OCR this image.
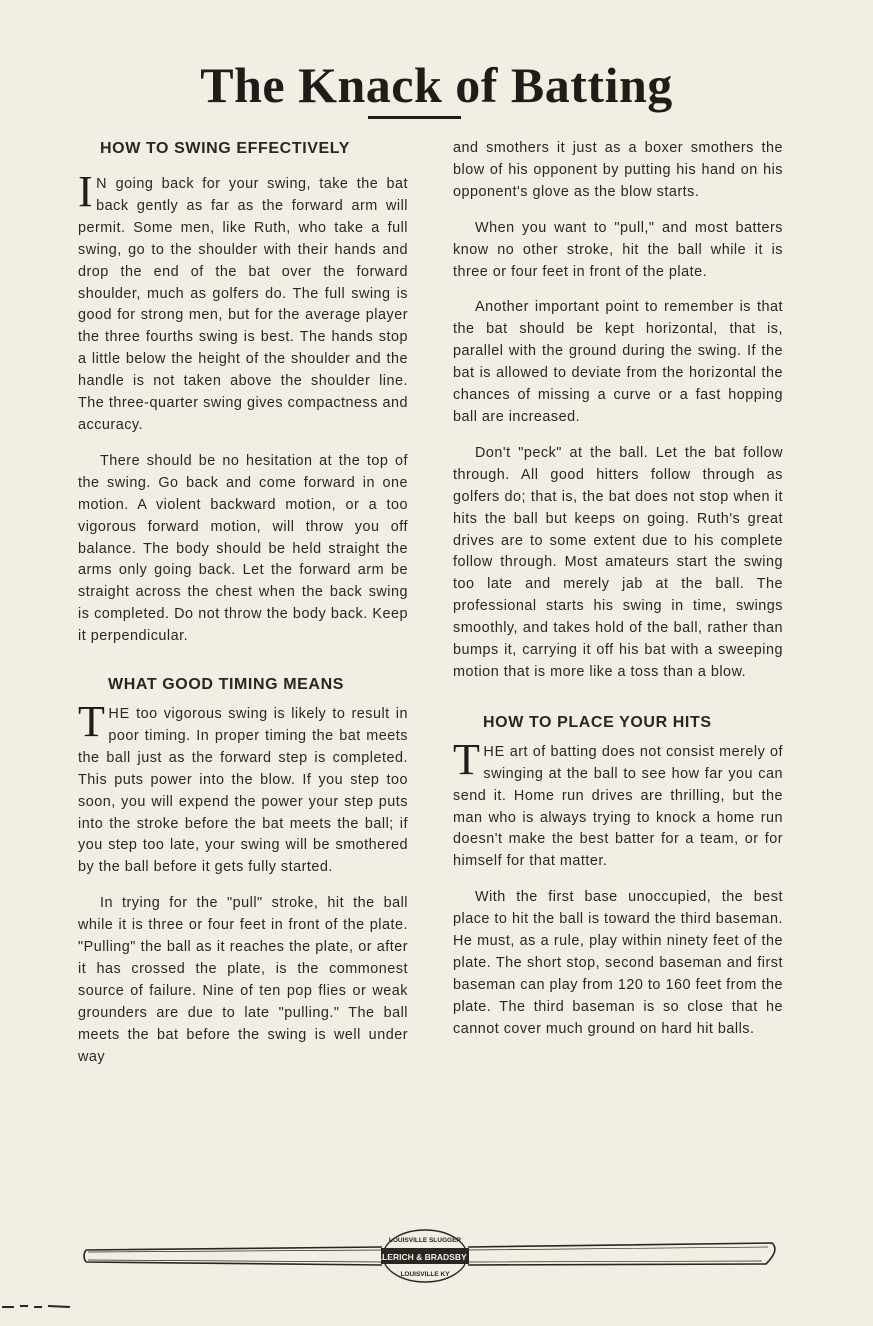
The Knack of Batting
HOW TO SWING EFFECTIVELY

I N going back for your swing, take the bat back gently as far as the forward arm will permit. Some men, like Ruth, who take a full swing, go to the shoulder with their hands and drop the end of the bat over the forward shoulder, much as golfers do. The full swing is good for strong men, but for the average player the three fourths swing is best. The hands stop a little below the height of the shoulder and the handle is not taken above the shoulder line. The three-quarter swing gives compactness and accuracy.

There should be no hesitation at the top of the swing. Go back and come forward in one motion. A violent backward motion, or a too vigorous forward motion, will throw you off balance. The body should be held straight the arms only going back. Let the forward arm be straight across the chest when the back swing is completed. Do not throw the body back. Keep it perpendicular.

WHAT GOOD TIMING MEANS

THE too vigorous swing is likely to result in poor timing. In proper timing the bat meets the ball just as the forward step is completed. This puts power into the blow. If you step too soon, you will expend the power your step puts into the stroke before the bat meets the ball; if you step too late, your swing will be smothered by the ball before it gets fully started.

In trying for the "pull" stroke, hit the ball while it is three or four feet in front of the plate. "Pulling" the ball as it reaches the plate, or after it has crossed the plate, is the commonest source of failure. Nine of ten pop flies or weak grounders are due to late "pulling." The ball meets the bat before the swing is well under way

and smothers it just as a boxer smothers the blow of his opponent by putting his hand on his opponent's glove as the blow starts.

When you want to "pull," and most batters know no other stroke, hit the ball while it is three or four feet in front of the plate.

Another important point to remember is that the bat should be kept horizontal, that is, parallel with the ground during the swing. If the bat is allowed to deviate from the horizontal the chances of missing a curve or a fast hopping ball are increased.

Don't "peck" at the ball. Let the bat follow through. All good hitters follow through as golfers do; that is, the bat does not stop when it hits the ball but keeps on going. Ruth's great drives are to some extent due to his complete follow through. Most amateurs start the swing too late and merely jab at the ball. The professional starts his swing in time, swings smoothly, and takes hold of the ball, rather than bumps it, carrying it off his bat with a sweeping motion that is more like a toss than a blow.

HOW TO PLACE YOUR HITS

THE art of batting does not consist merely of swinging at the ball to see how far you can send it. Home run drives are thrilling, but the man who is always trying to knock a home run doesn't make the best batter for a team, or for himself for that matter.

With the first base unoccupied, the best place to hit the ball is toward the third baseman. He must, as a rule, play within ninety feet of the plate. The short stop, second baseman and first baseman can play from 120 to 160 feet from the plate. The third baseman is so close that he cannot cover much ground on hard hit balls.

HILLERICH & BRADSBY CO
LOUISVILLE SLUGGER
LOUISVILLE KY
